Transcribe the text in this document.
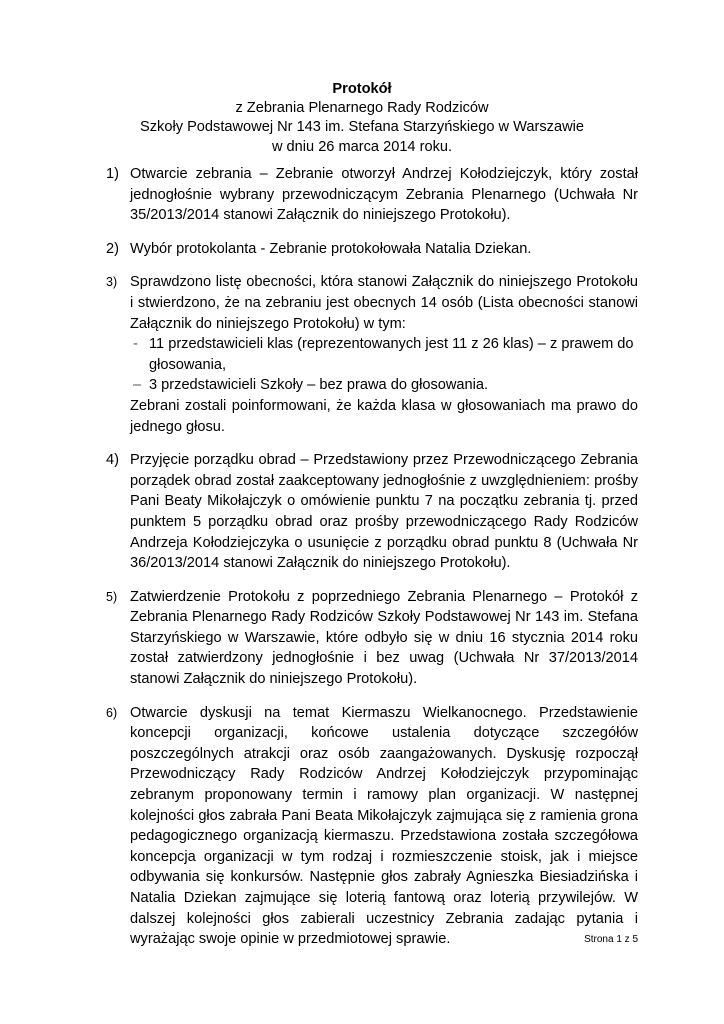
Protokół
z Zebrania Plenarnego Rady Rodziców
Szkoły Podstawowej Nr 143 im. Stefana Starzyńskiego w Warszawie
w dniu 26 marca 2014 roku.
1) Otwarcie zebrania – Zebranie otworzył Andrzej Kołodziejczyk, który został jednogłośnie wybrany przewodniczącym Zebrania Plenarnego (Uchwała Nr 35/2013/2014 stanowi Załącznik do niniejszego Protokołu).

2) Wybór protokolanta - Zebranie protokołowała Natalia Dziekan.

3) Sprawdzono listę obecności, która stanowi Załącznik do niniejszego Protokołu i stwierdzono, że na zebraniu jest obecnych 14 osób (Lista obecności stanowi Załącznik do niniejszego Protokołu) w tym:

- 11 przedstawicieli klas (reprezentowanych jest 11 z 26 klas) – z prawem do głosowania,
– 3 przedstawicieli Szkoły – bez prawa do głosowania.

Zebrani zostali poinformowani, że każda klasa w głosowaniach ma prawo do jednego głosu.

4) Przyjęcie porządku obrad – Przedstawiony przez Przewodniczącego Zebrania porządek obrad został zaakceptowany jednogłośnie z uwzględnieniem: prośby Pani Beaty Mikołajczyk o omówienie punktu 7 na początku zebrania tj. przed punktem 5 porządku obrad oraz prośby przewodniczącego Rady Rodziców Andrzeja Kołodziejczyka o usunięcie z porządku obrad punktu 8 (Uchwała Nr 36/2013/2014 stanowi Załącznik do niniejszego Protokołu).

5) Zatwierdzenie Protokołu z poprzedniego Zebrania Plenarnego – Protokół z Zebrania Plenarnego Rady Rodziców Szkoły Podstawowej Nr 143 im. Stefana Starzyńskiego w Warszawie, które odbyło się w dniu 16 stycznia 2014 roku został zatwierdzony jednogłośnie i bez uwag (Uchwała Nr 37/2013/2014 stanowi Załącznik do niniejszego Protokołu).

6) Otwarcie dyskusji na temat Kiermaszu Wielkanocnego. Przedstawienie koncepcji organizacji, końcowe ustalenia dotyczące szczegółów poszczególnych atrakcji oraz osób zaangażowanych. Dyskusję rozpoczął Przewodniczący Rady Rodziców Andrzej Kołodziejczyk przypominając zebranym proponowany termin i ramowy plan organizacji. W następnej kolejności głos zabrała Pani Beata Mikołajczyk zajmująca się z ramienia grona pedagogicznego organizacją kiermaszu. Przedstawiona została szczegółowa koncepcja organizacji w tym rodzaj i rozmieszczenie stoisk, jak i miejsce odbywania się konkursów. Następnie głos zabrały Agnieszka Biesiadzińska i Natalia Dziekan zajmujące się loterią fantową oraz loterią przywilejów. W dalszej kolejności głos zabierali uczestnicy Zebrania zadając pytania i wyrażając swoje opinie w przedmiotowej sprawie.	Strona 1 z 5
